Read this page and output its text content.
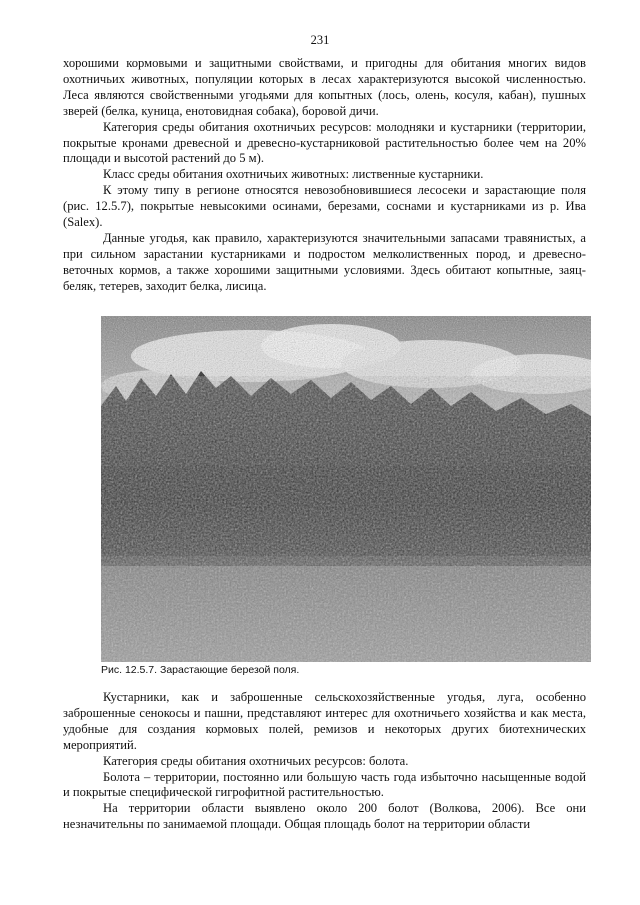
231

хорошими кормовыми и защитными свойствами, и пригодны для обитания многих видов охотничьих животных, популяции которых в лесах характеризуются высокой численностью. Леса являются свойственными угодьями для копытных (лось, олень, косуля, кабан), пушных зверей (белка, куница, енотовидная собака), боровой дичи.

Категория среды обитания охотничьих ресурсов: молодняки и кустарники (территории, покрытые кронами древесной и древесно-кустарниковой растительностью более чем на 20% площади и высотой растений до 5 м).

Класс среды обитания охотничьих животных: лиственные кустарники.

К этому типу в регионе относятся невозобновившиеся лесосеки и зарастающие поля (рис. 12.5.7), покрытые невысокими осинами, березами, соснами и кустарниками из р. Ива (Salex).

Данные угодья, как правило, характеризуются значительными запасами травянистых, а при сильном зарастании кустарниками и подростом мелколиственных пород, и древесно-веточных кормов, а также хорошими защитными условиями. Здесь обитают копытные, заяц-беляк, тетерев, заходит белка, лисица.

Рис. 12.5.7. Зарастающие березой поля.

Кустарники, как и заброшенные сельскохозяйственные угодья, луга, особенно заброшенные сенокосы и пашни, представляют интерес для охотничьего хозяйства и как места, удобные для создания кормовых полей, ремизов и некоторых других биотехнических мероприятий.

Категория среды обитания охотничьих ресурсов: болота.

Болота – территории, постоянно или большую часть года избыточно насыщенные водой и покрытые специфической гигрофитной растительностью.

На территории области выявлено около 200 болот (Волкова, 2006). Все они незначительны по занимаемой площади. Общая площадь болот на территории области
